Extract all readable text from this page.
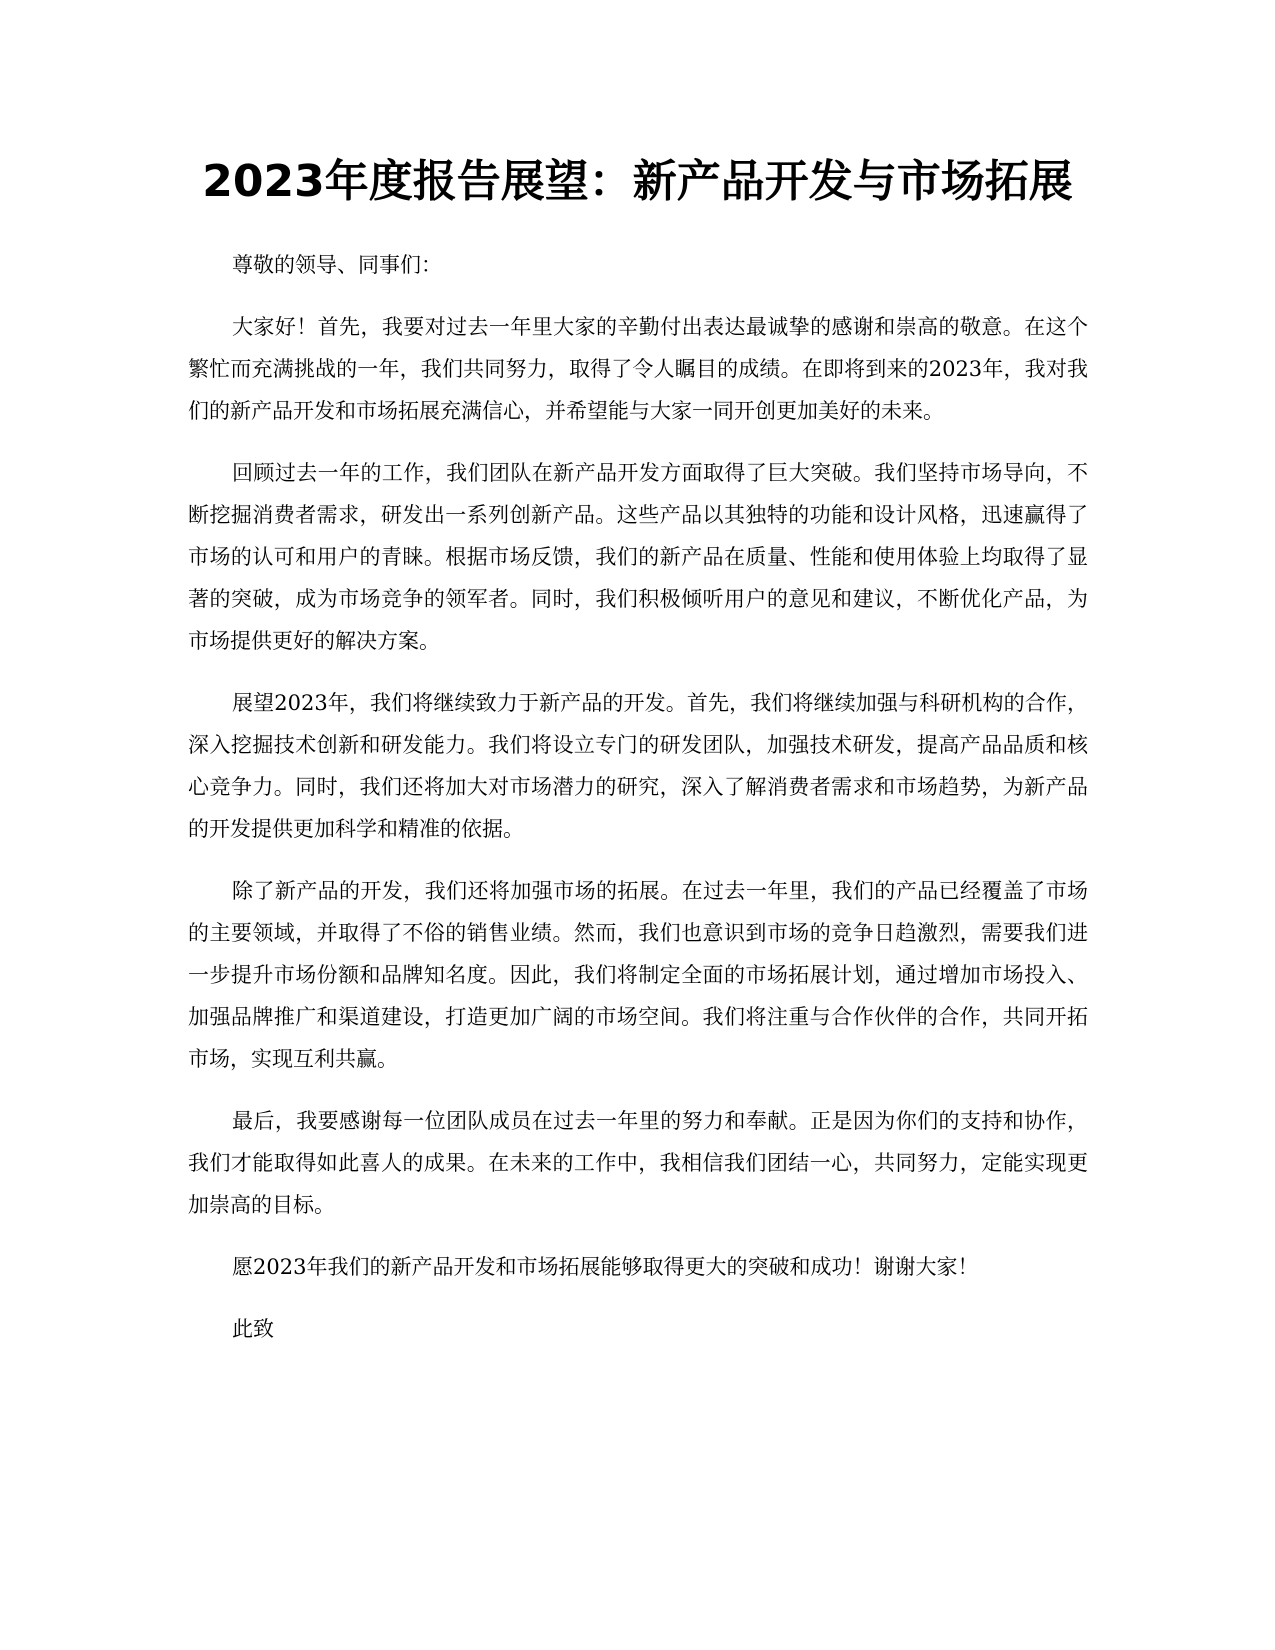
2023年度报告展望：新产品开发与市场拓展

尊敬的领导、同事们：

大家好！首先，我要对过去一年里大家的辛勤付出表达最诚挚的感谢和崇高的敬意。在这个繁忙而充满挑战的一年，我们共同努力，取得了令人瞩目的成绩。在即将到来的2023年，我对我们的新产品开发和市场拓展充满信心，并希望能与大家一同开创更加美好的未来。

回顾过去一年的工作，我们团队在新产品开发方面取得了巨大突破。我们坚持市场导向，不断挖掘消费者需求，研发出一系列创新产品。这些产品以其独特的功能和设计风格，迅速赢得了市场的认可和用户的青睐。根据市场反馈，我们的新产品在质量、性能和使用体验上均取得了显著的突破，成为市场竞争的领军者。同时，我们积极倾听用户的意见和建议，不断优化产品，为市场提供更好的解决方案。

展望2023年，我们将继续致力于新产品的开发。首先，我们将继续加强与科研机构的合作，深入挖掘技术创新和研发能力。我们将设立专门的研发团队，加强技术研发，提高产品品质和核心竞争力。同时，我们还将加大对市场潜力的研究，深入了解消费者需求和市场趋势，为新产品的开发提供更加科学和精准的依据。

除了新产品的开发，我们还将加强市场的拓展。在过去一年里，我们的产品已经覆盖了市场的主要领域，并取得了不俗的销售业绩。然而，我们也意识到市场的竞争日趋激烈，需要我们进一步提升市场份额和品牌知名度。因此，我们将制定全面的市场拓展计划，通过增加市场投入、加强品牌推广和渠道建设，打造更加广阔的市场空间。我们将注重与合作伙伴的合作，共同开拓市场，实现互利共赢。

最后，我要感谢每一位团队成员在过去一年里的努力和奉献。正是因为你们的支持和协作，我们才能取得如此喜人的成果。在未来的工作中，我相信我们团结一心，共同努力，定能实现更加崇高的目标。

愿2023年我们的新产品开发和市场拓展能够取得更大的突破和成功！谢谢大家！

此致
